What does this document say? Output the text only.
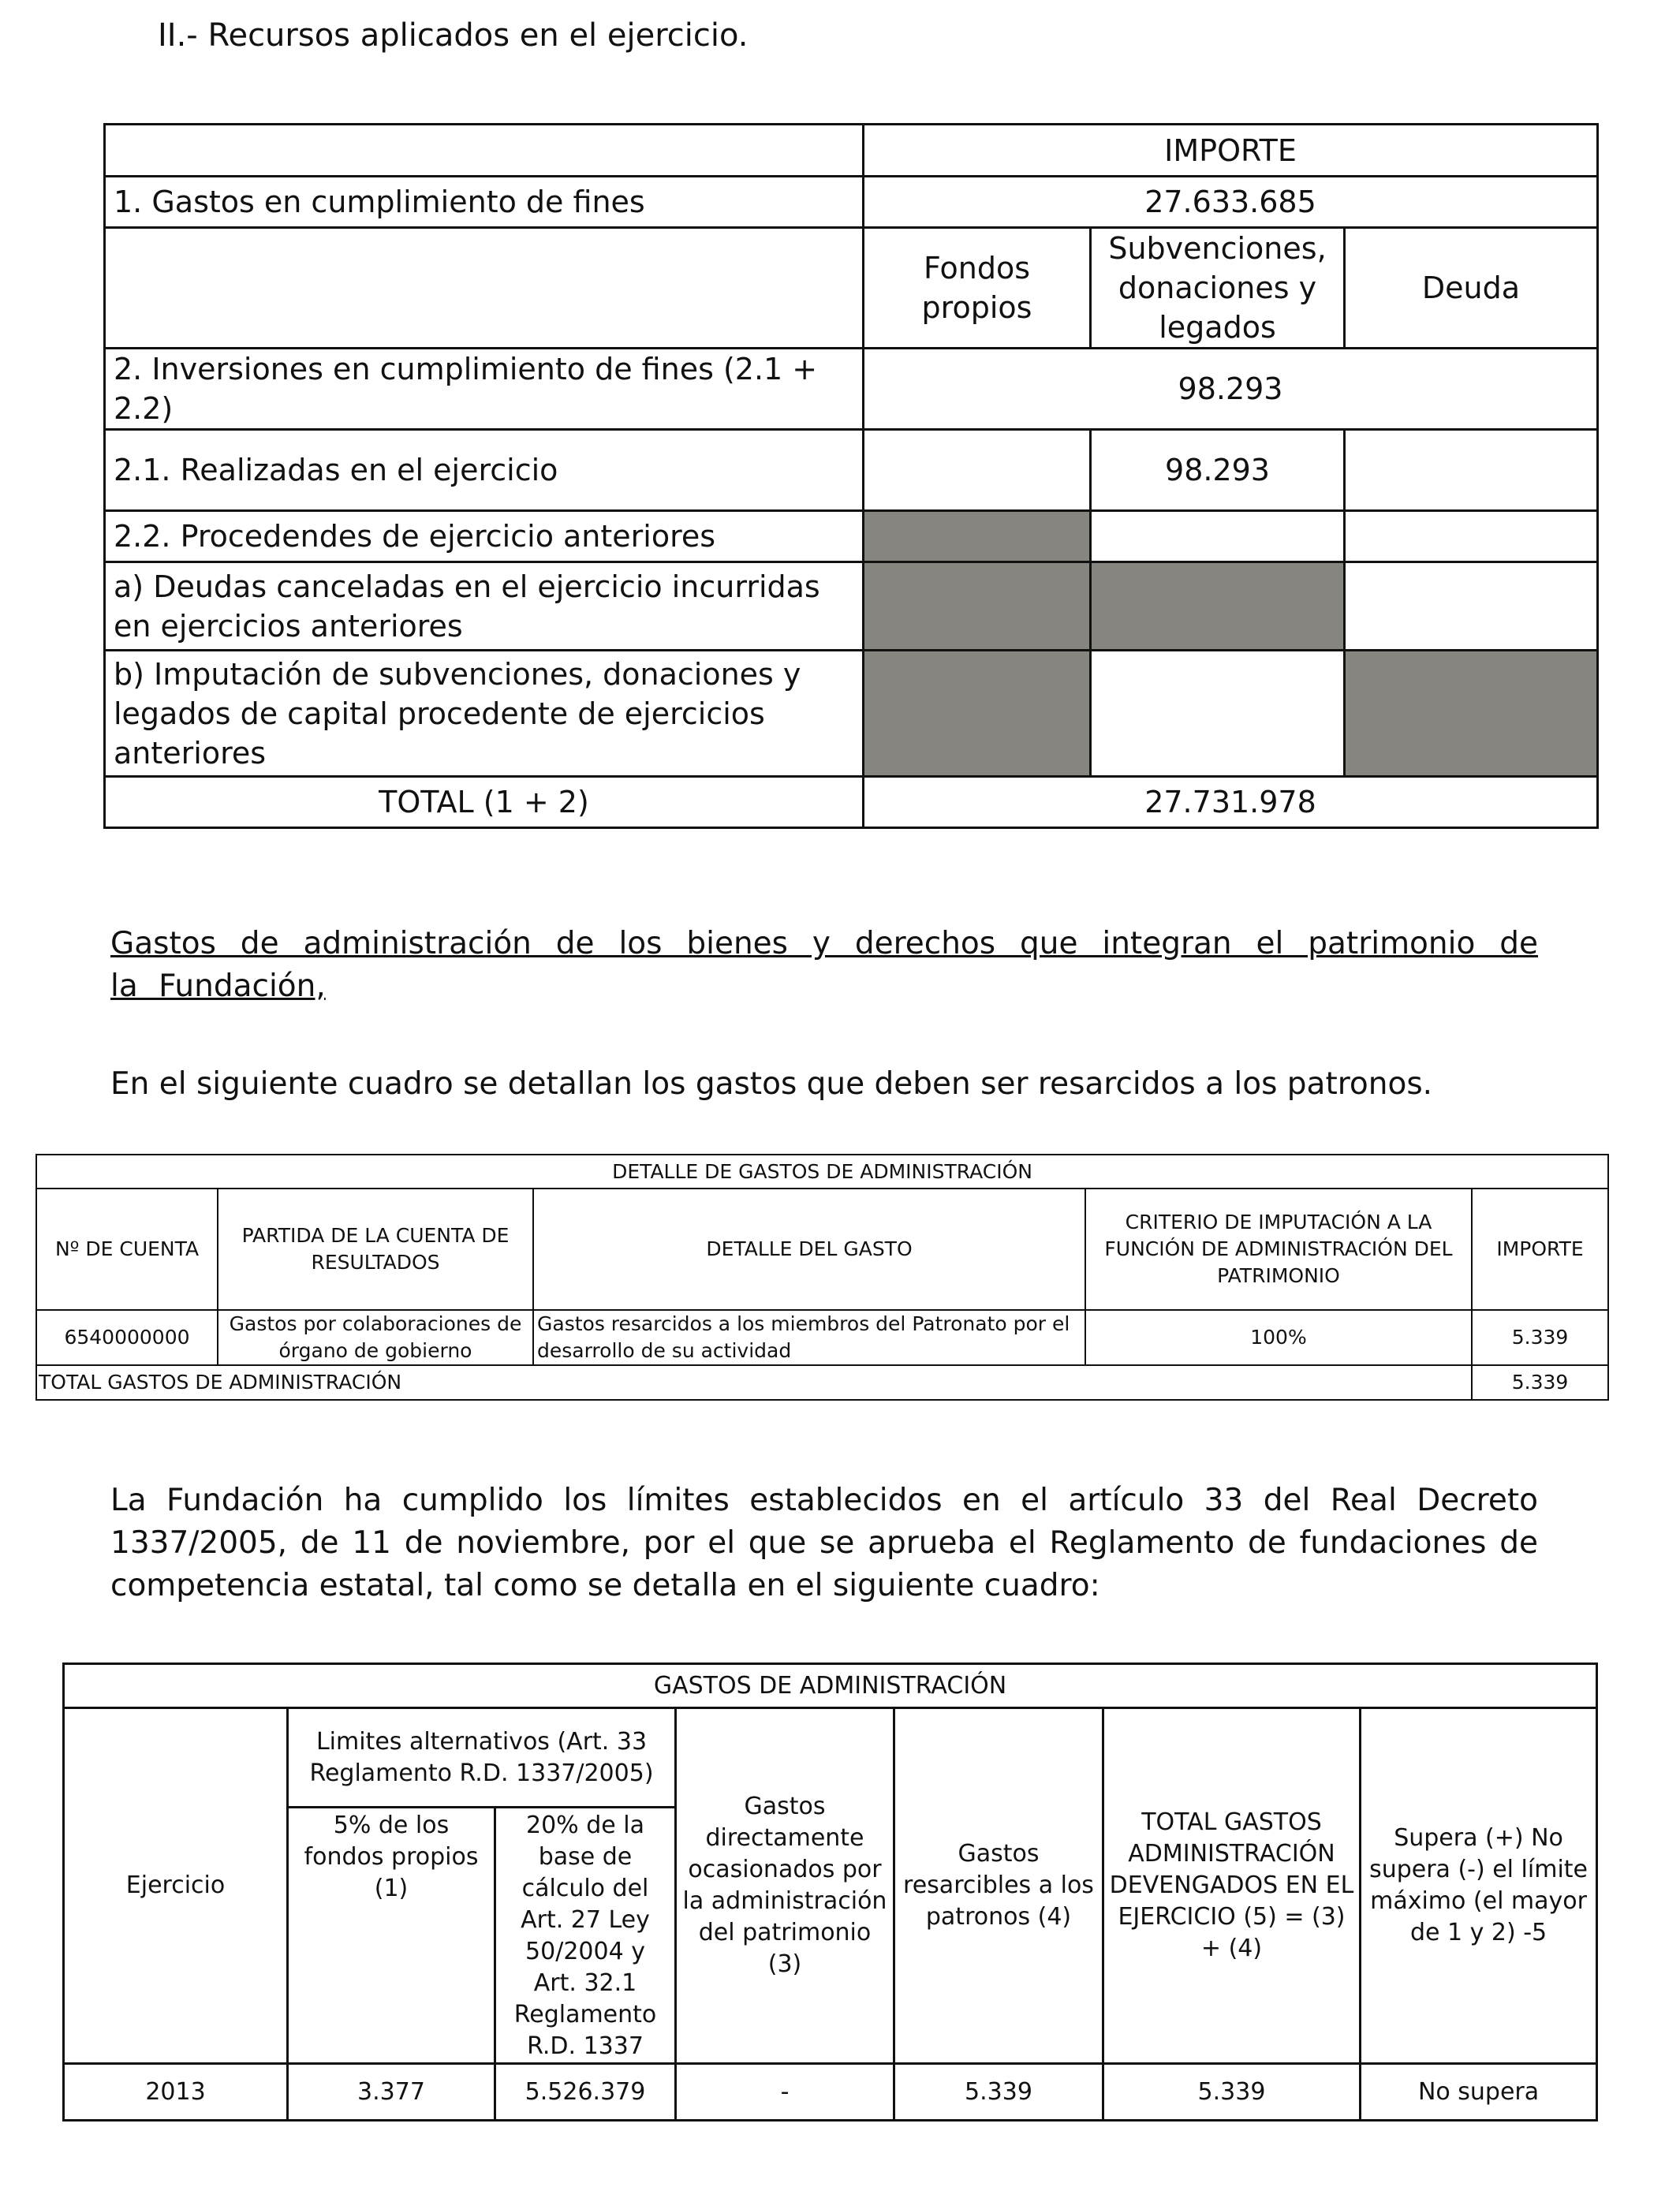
II.- Recursos aplicados en el ejercicio.
	IMPORTE		
1. Gastos en cumplimiento de fines	27.633.685		
	Fondos propios	Subvenciones, donaciones y legados	Deuda
2. Inversiones en cumplimiento de fines (2.1 + 2.2)	98.293		
2.1. Realizadas en el ejercicio		98.293	
2.2. Procedendes de ejercicio anteriores			
a) Deudas canceladas en el ejercicio incurridas en ejercicios anteriores			
b) Imputación de subvenciones, donaciones y legados de capital procedente de ejercicios anteriores			
TOTAL (1 + 2)	27.731.978		
Gastos de administración de los bienes y derechos que integran el patrimonio de la Fundación,
En el siguiente cuadro se detallan los gastos que deben ser resarcidos a los patronos.
DETALLE DE GASTOS DE ADMINISTRACIÓN				
Nº DE CUENTA	PARTIDA DE LA CUENTA DE RESULTADOS	DETALLE DEL GASTO	CRITERIO DE IMPUTACIÓN A LA FUNCIÓN DE ADMINISTRACIÓN DEL PATRIMONIO	IMPORTE
6540000000	Gastos por colaboraciones de órgano de gobierno	Gastos resarcidos a los miembros del Patronato por el desarrollo de su actividad	100%	5.339
TOTAL GASTOS DE ADMINISTRACIÓN				5.339
La Fundación ha cumplido los límites establecidos en el artículo 33 del Real Decreto 1337/2005, de 11 de noviembre, por el que se aprueba el Reglamento de fundaciones de competencia estatal, tal como se detalla en el siguiente cuadro:
GASTOS DE ADMINISTRACIÓN						
Ejercicio	Limites alternativos (Art. 33 Reglamento R.D. 1337/2005)		Gastos directamente ocasionados por la administración del patrimonio (3)	Gastos resarcibles a los patronos (4)	TOTAL GASTOS ADMINISTRACIÓN DEVENGADOS EN EL EJERCICIO (5) = (3) + (4)	Supera (+) No supera (-) el límite máximo (el mayor de 1 y 2) -5
	5% de los fondos propios (1)	20% de la base de cálculo del Art. 27 Ley 50/2004 y Art. 32.1 Reglamento R.D. 1337				
2013	3.377	5.526.379	-	5.339	5.339	No supera
